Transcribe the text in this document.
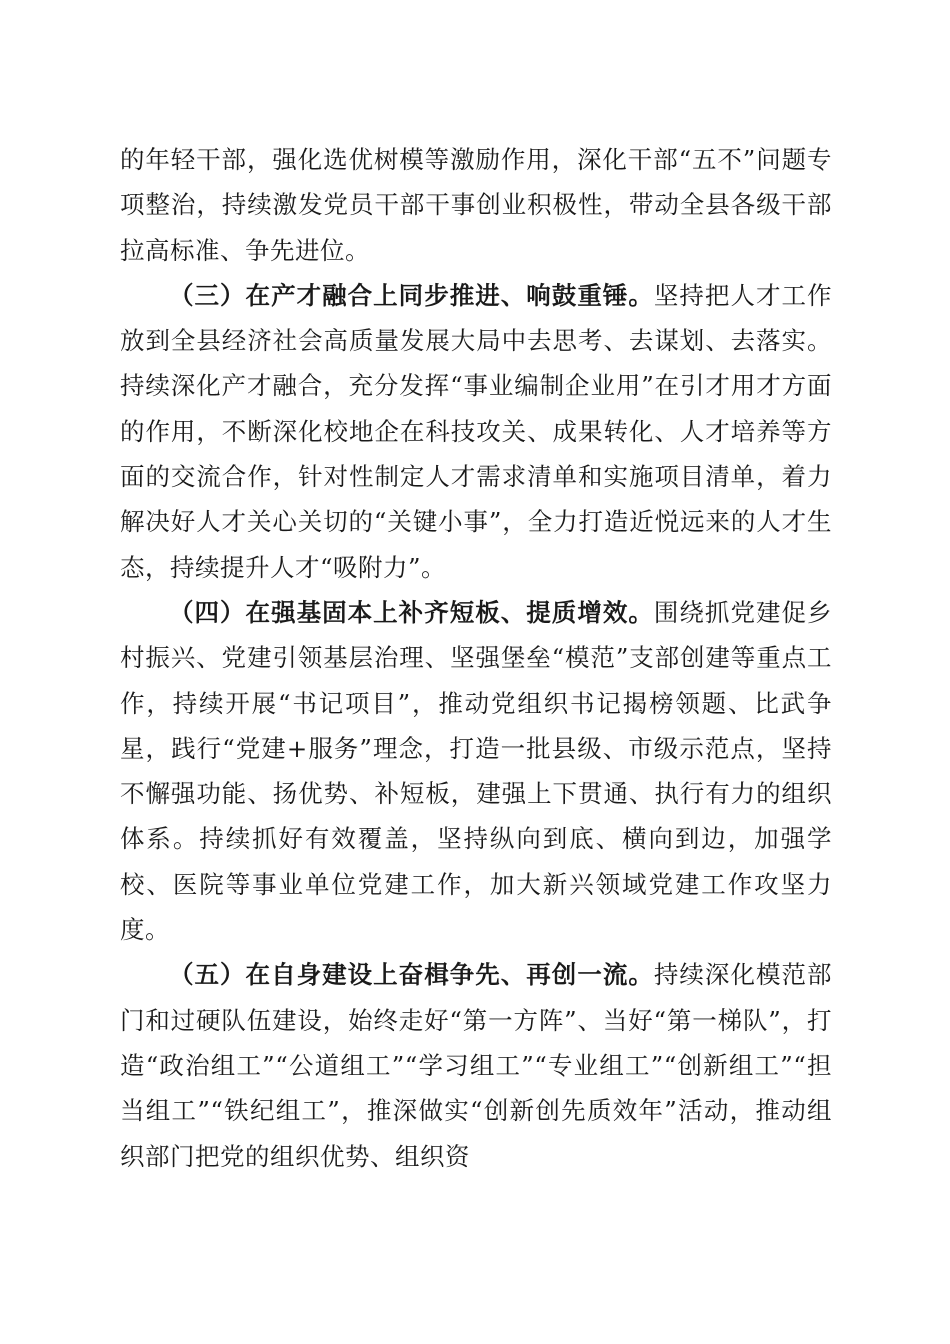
的年轻干部，强化选优树模等激励作用，深化干部“五不”问题专项整治，持续激发党员干部干事创业积极性，带动全县各级干部拉高标准、争先进位。

（三）在产才融合上同步推进、响鼓重锤。坚持把人才工作放到全县经济社会高质量发展大局中去思考、去谋划、去落实。持续深化产才融合，充分发挥“事业编制企业用”在引才用才方面的作用，不断深化校地企在科技攻关、成果转化、人才培养等方面的交流合作，针对性制定人才需求清单和实施项目清单，着力解决好人才关心关切的“关键小事”，全力打造近悦远来的人才生态，持续提升人才“吸附力”。

（四）在强基固本上补齐短板、提质增效。围绕抓党建促乡村振兴、党建引领基层治理、坚强堡垒“模范”支部创建等重点工作，持续开展“书记项目”，推动党组织书记揭榜领题、比武争星，践行“党建+服务”理念，打造一批县级、市级示范点，坚持不懈强功能、扬优势、补短板，建强上下贯通、执行有力的组织体系。持续抓好有效覆盖，坚持纵向到底、横向到边，加强学校、医院等事业单位党建工作，加大新兴领域党建工作攻坚力度。

（五）在自身建设上奋楫争先、再创一流。持续深化模范部门和过硬队伍建设，始终走好“第一方阵”、当好“第一梯队”，打造“政治组工”“公道组工”“学习组工”“专业组工”“创新组工”“担当组工”“铁纪组工”，推深做实“创新创先质效年”活动，推动组织部门把党的组织优势、组织资
